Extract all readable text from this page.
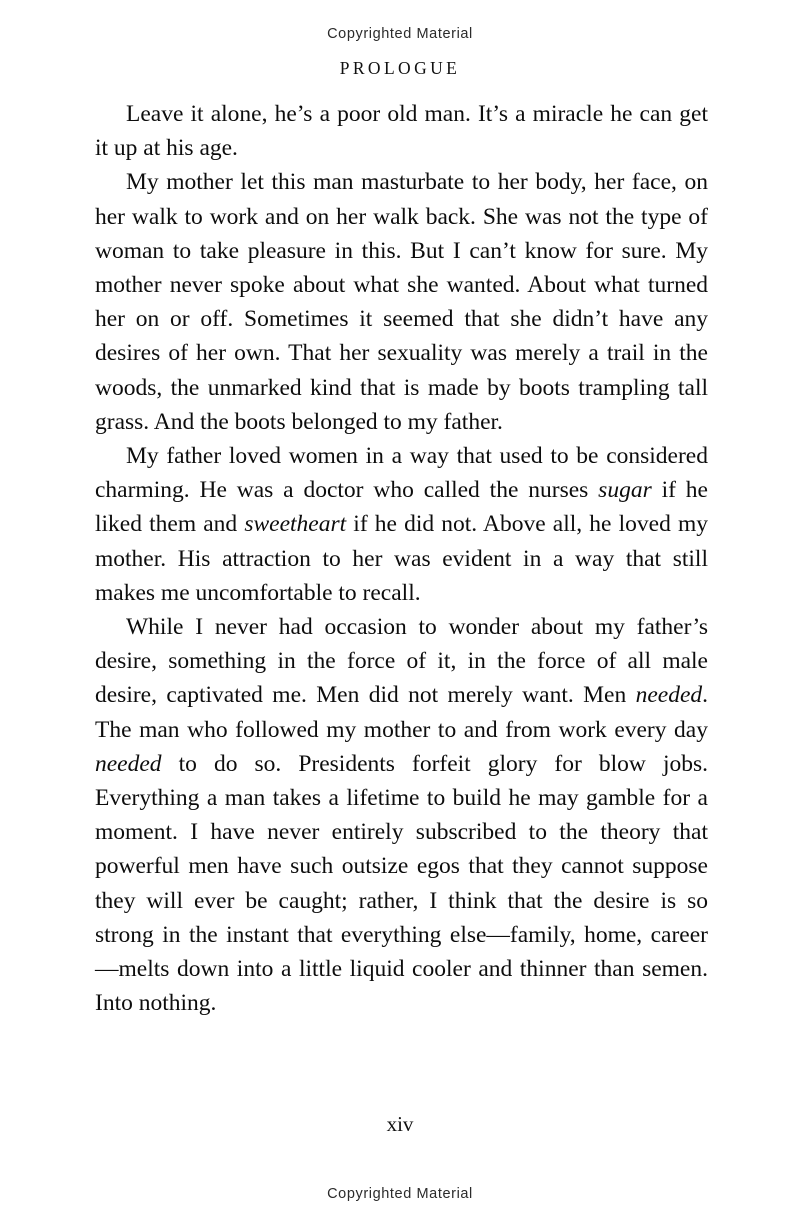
Copyrighted Material
PROLOGUE

Leave it alone, he’s a poor old man. It’s a miracle he can get it up at his age.

My mother let this man masturbate to her body, her face, on her walk to work and on her walk back. She was not the type of woman to take pleasure in this. But I can’t know for sure. My mother never spoke about what she wanted. About what turned her on or off. Sometimes it seemed that she didn’t have any desires of her own. That her sexuality was merely a trail in the woods, the unmarked kind that is made by boots trampling tall grass. And the boots belonged to my father.

My father loved women in a way that used to be considered charming. He was a doctor who called the nurses sugar if he liked them and sweetheart if he did not. Above all, he loved my mother. His attraction to her was evident in a way that still makes me uncomfortable to recall.

While I never had occasion to wonder about my father’s desire, something in the force of it, in the force of all male desire, captivated me. Men did not merely want. Men needed. The man who followed my mother to and from work every day needed to do so. Presidents forfeit glory for blow jobs. Everything a man takes a lifetime to build he may gamble for a moment. I have never entirely subscribed to the theory that powerful men have such outsize egos that they cannot suppose they will ever be caught; rather, I think that the desire is so strong in the instant that everything else—family, home, career—melts down into a little liquid cooler and thinner than semen. Into nothing.

xiv
Copyrighted Material
